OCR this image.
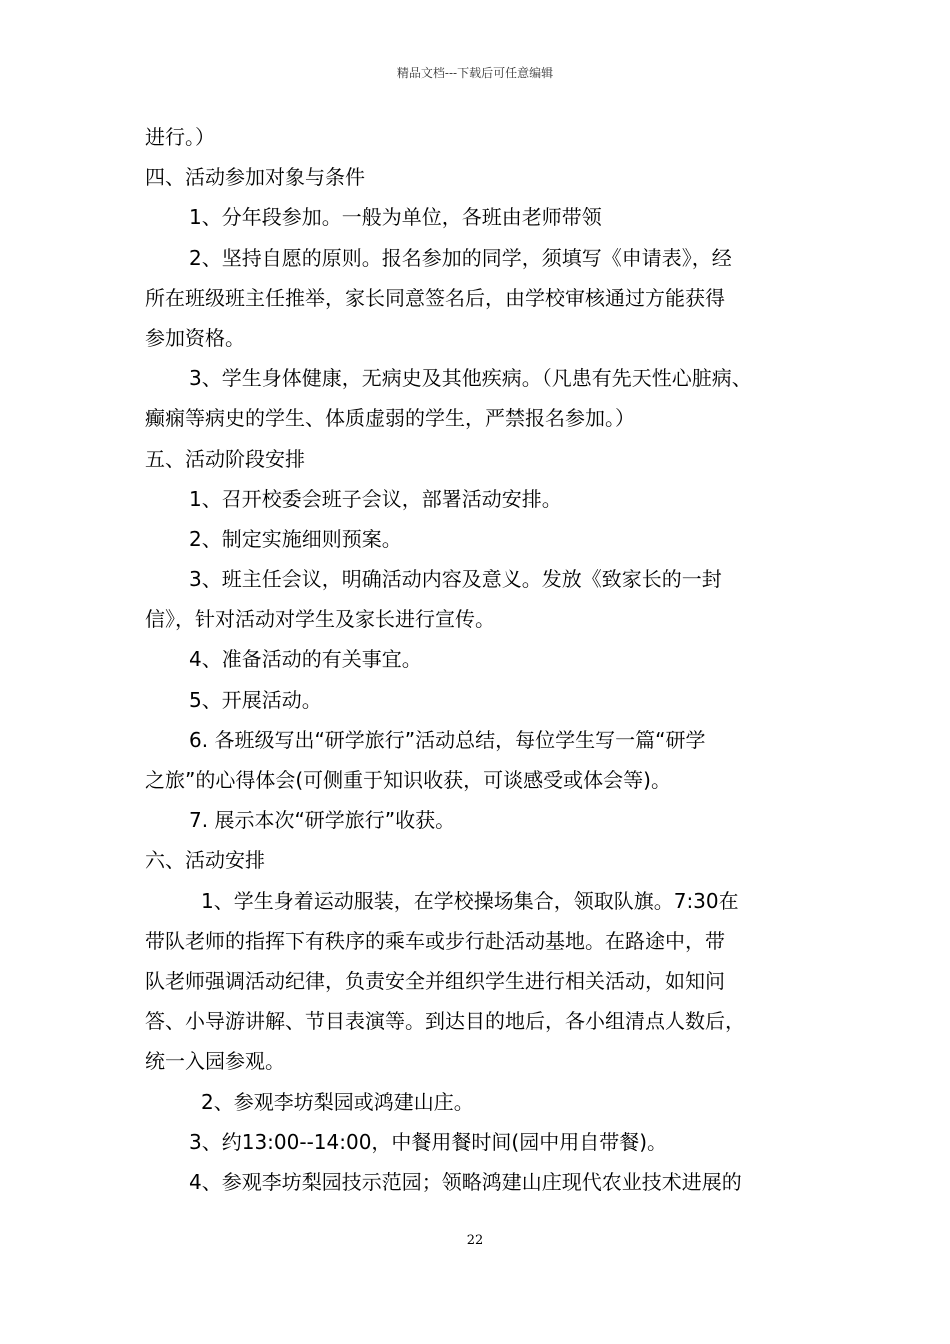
精品文档---下载后可任意编辑
进行。）
四、活动参加对象与条件
1、分年段参加。一般为单位，各班由老师带领
2、坚持自愿的原则。报名参加的同学，须填写《申请表》，经
所在班级班主任推举，家长同意签名后，由学校审核通过方能获得
参加资格。
3、学生身体健康，无病史及其他疾病。（凡患有先天性心脏病、
癫痫等病史的学生、体质虚弱的学生，严禁报名参加。）
五、活动阶段安排
1、召开校委会班子会议，部署活动安排。
2、制定实施细则预案。
3、班主任会议，明确活动内容及意义。发放《致家长的一封
信》，针对活动对学生及家长进行宣传。
4、准备活动的有关事宜。
5、开展活动。
6. 各班级写出“研学旅行”活动总结，每位学生写一篇“研学
之旅”的心得体会(可侧重于知识收获，可谈感受或体会等)。
7. 展示本次“研学旅行”收获。
六、活动安排
1、学生身着运动服装，在学校操场集合，领取队旗。7:30在
带队老师的指挥下有秩序的乘车或步行赴活动基地。在路途中，带
队老师强调活动纪律，负责安全并组织学生进行相关活动，如知问
答、小导游讲解、节目表演等。到达目的地后，各小组清点人数后，
统一入园参观。
2、参观李坊梨园或鸿建山庄。
3、约13:00--14:00，中餐用餐时间(园中用自带餐)。
4、参观李坊梨园技示范园；领略鸿建山庄现代农业技术进展的
22
